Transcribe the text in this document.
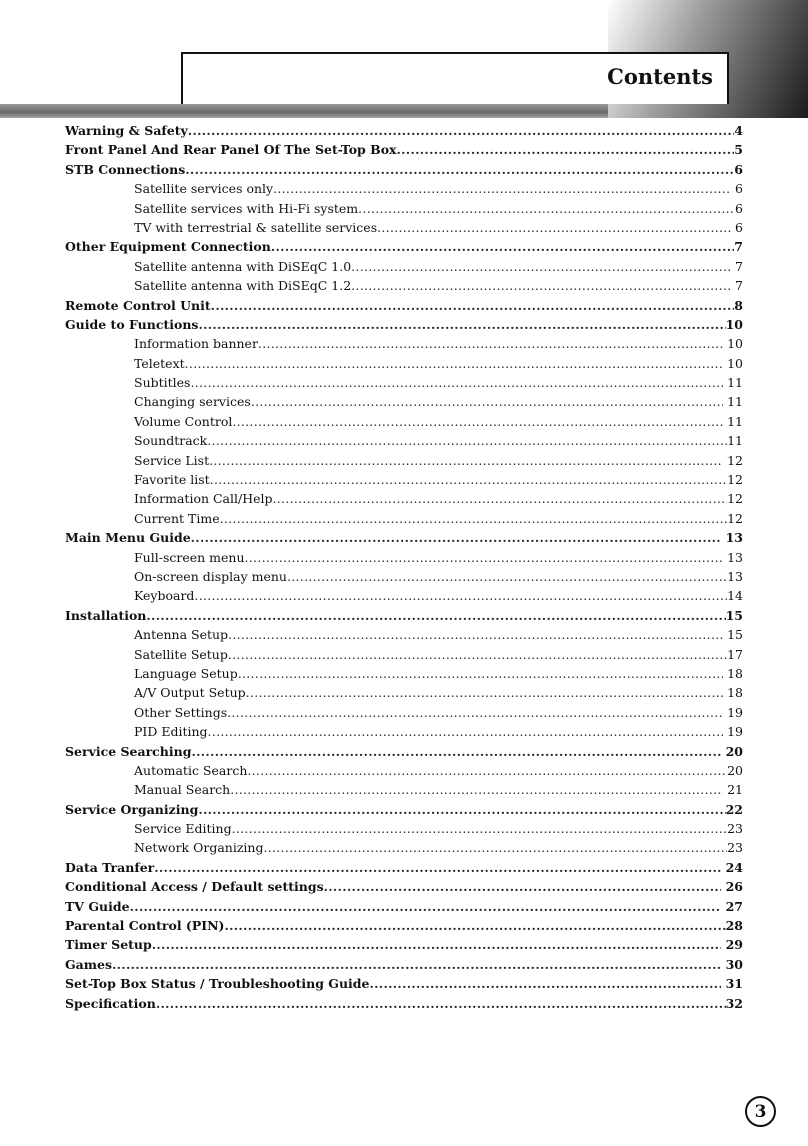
Contents
Warning & Safety .....	4
Front Panel And Rear Panel Of The Set-Top Box .....	5
STB Connections .....	6
Satellite services only .....	6
Satellite services with Hi-Fi system .....	6
TV with terrestrial & satellite services .....	6
Other Equipment Connection .....	7
Satellite antenna with DiSEqC 1.0 .....	7
Satellite antenna with DiSEqC 1.2 .....	7
Remote Control Unit .....	8
Guide to Functions .....	10
Information banner .....	10
Teletext .....	10
Subtitles .....	11
Changing services .....	11
Volume Control .....	11
Soundtrack .....	11
Service List .....	12
Favorite list .....	12
Information Call/Help .....	12
Current Time .....	12
Main Menu Guide .....	13
Full-screen menu .....	13
On-screen display menu .....	13
Keyboard .....	14
Installation .....	15
Antenna Setup .....	15
Satellite Setup .....	17
Language Setup .....	18
A/V Output Setup .....	18
Other Settings .....	19
PID Editing .....	19
Service Searching .....	20
Automatic Search .....	20
Manual Search .....	21
Service Organizing .....	22
Service Editing .....	23
Network Organizing .....	23
Data Tranfer .....	24
Conditional Access / Default settings .....	26
TV Guide .....	27
Parental Control (PIN) .....	28
Timer Setup .....	29
Games .....	30
Set-Top Box Status / Troubleshooting Guide .....	31
Specification .....	32
3
